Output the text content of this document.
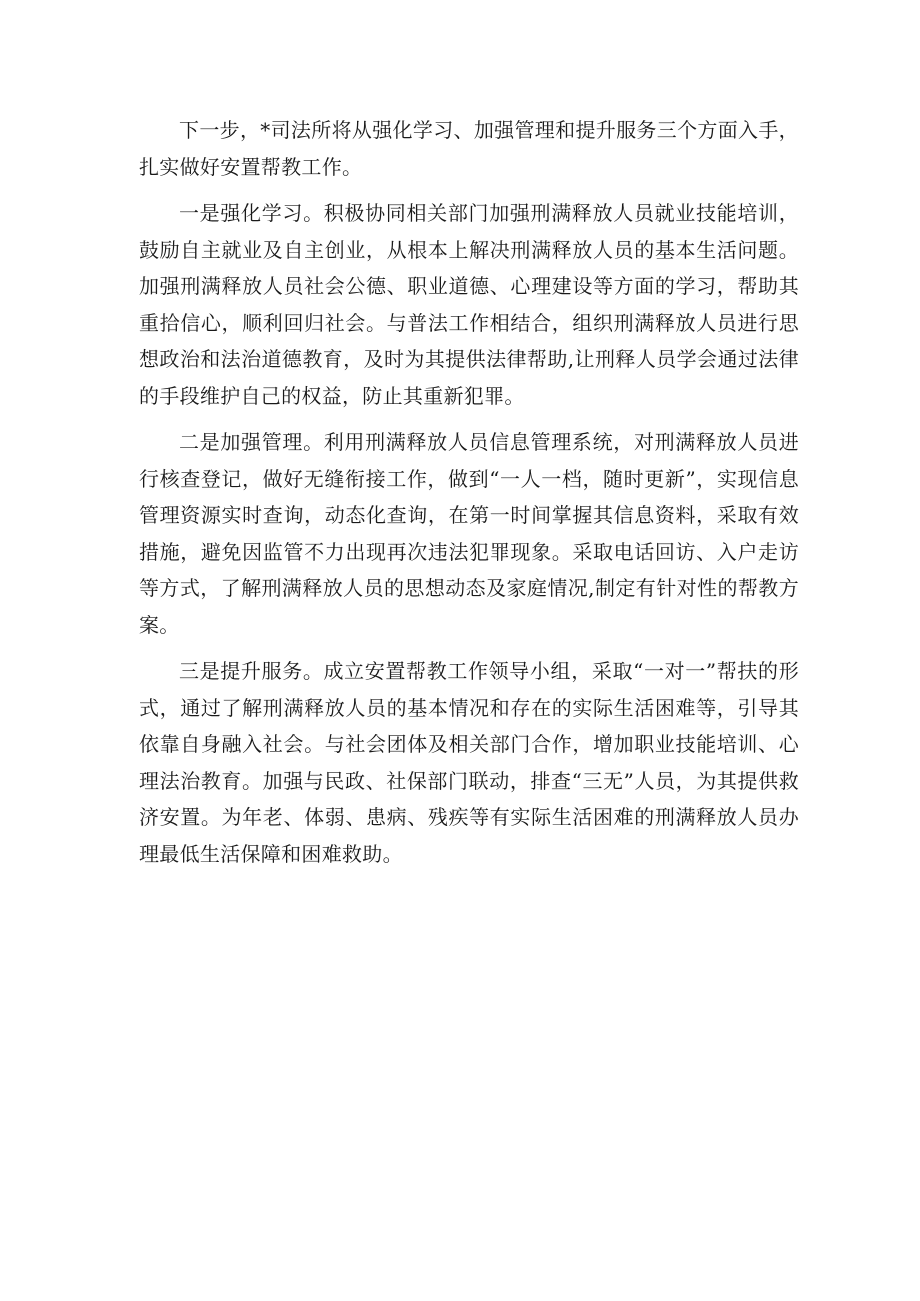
下一步，*司法所将从强化学习、加强管理和提升服务三个方面入手，扎实做好安置帮教工作。

一是强化学习。积极协同相关部门加强刑满释放人员就业技能培训，鼓励自主就业及自主创业，从根本上解决刑满释放人员的基本生活问题。加强刑满释放人员社会公德、职业道德、心理建设等方面的学习，帮助其重拾信心，顺利回归社会。与普法工作相结合，组织刑满释放人员进行思想政治和法治道德教育，及时为其提供法律帮助,让刑释人员学会通过法律的手段维护自己的权益，防止其重新犯罪。

二是加强管理。利用刑满释放人员信息管理系统，对刑满释放人员进行核查登记，做好无缝衔接工作，做到“一人一档，随时更新”，实现信息管理资源实时查询，动态化查询，在第一时间掌握其信息资料，采取有效措施，避免因监管不力出现再次违法犯罪现象。采取电话回访、入户走访等方式，了解刑满释放人员的思想动态及家庭情况,制定有针对性的帮教方案。

三是提升服务。成立安置帮教工作领导小组，采取“一对一”帮扶的形式，通过了解刑满释放人员的基本情况和存在的实际生活困难等，引导其依靠自身融入社会。与社会团体及相关部门合作，增加职业技能培训、心理法治教育。加强与民政、社保部门联动，排查“三无”人员，为其提供救济安置。为年老、体弱、患病、残疾等有实际生活困难的刑满释放人员办理最低生活保障和困难救助。
